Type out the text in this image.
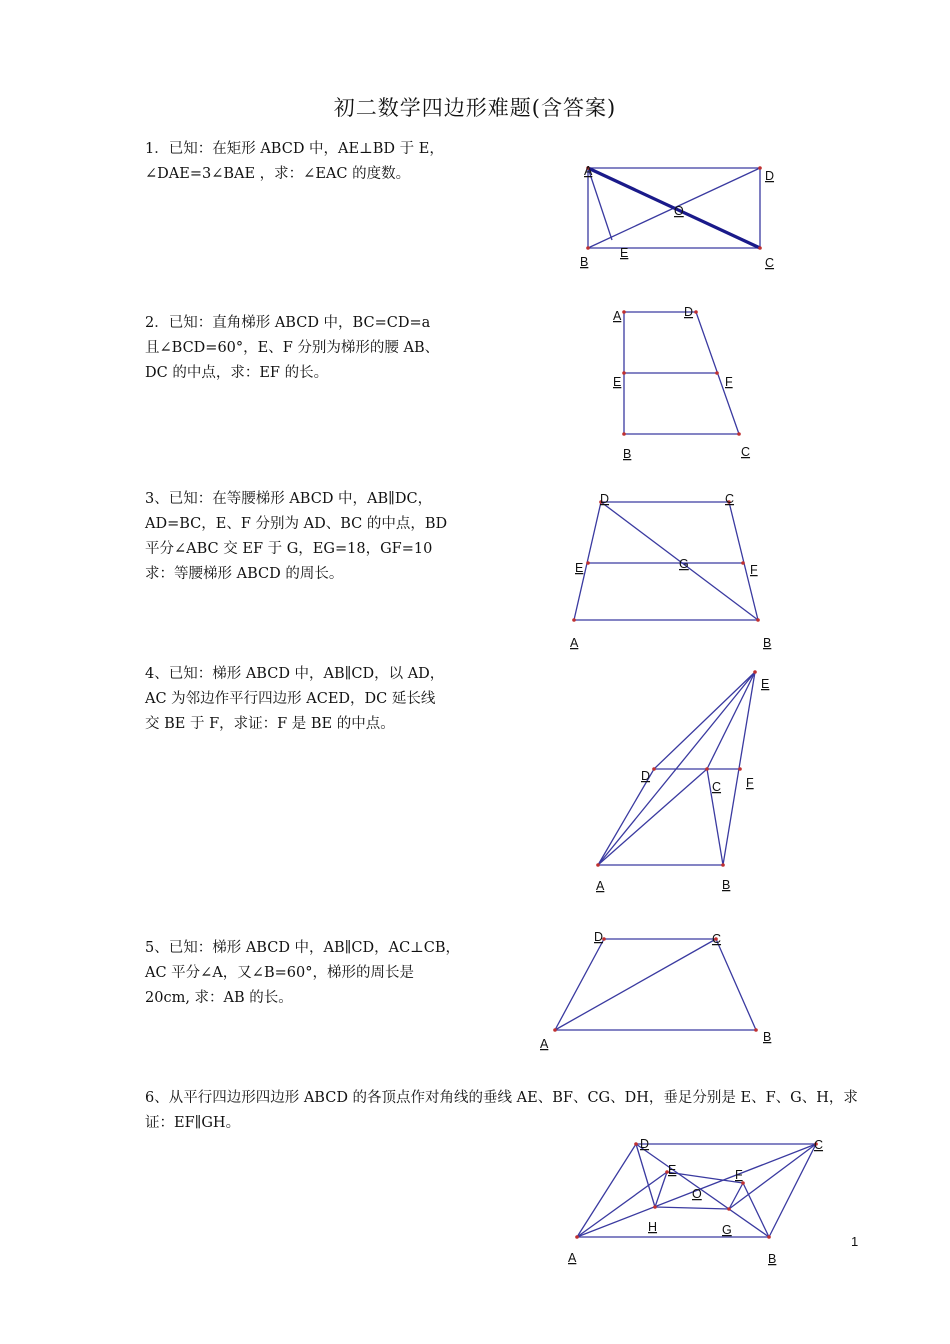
初二数学四边形难题(含答案)
1．已知：在矩形 ABCD 中，AE⊥BD 于 E，
∠DAE=3∠BAE ，求：∠EAC 的度数。
2．已知：直角梯形 ABCD 中，BC=CD=a
且∠BCD=60°，E、F 分别为梯形的腰 AB、
DC 的中点，求：EF 的长。
3、已知：在等腰梯形 ABCD 中，AB∥DC，
AD=BC，E、F 分别为 AD、BC 的中点，BD
平分∠ABC 交 EF 于 G，EG=18，GF=10
求：等腰梯形 ABCD 的周长。
4、已知：梯形 ABCD 中，AB∥CD，以 AD，
AC 为邻边作平行四边形 ACED，DC 延长线
交 BE 于 F，求证：F 是 BE 的中点。
5、已知：梯形 ABCD 中，AB∥CD，AC⊥CB，
AC 平分∠A，又∠B=60°，梯形的周长是
20cm, 求：AB 的长。
6、从平行四边形四边形 ABCD 的各顶点作对角线的垂线 AE、BF、CG、DH，垂足分别是 E、F、G、H，求证：EF∥GH。
A	D
O
E
B	C
A	D
E	F
B	C
D	C
E	G	F
A	B
E
D
C F
A	B
D	C
A	B
D	C
E	F
O
H	G
A	B
1
